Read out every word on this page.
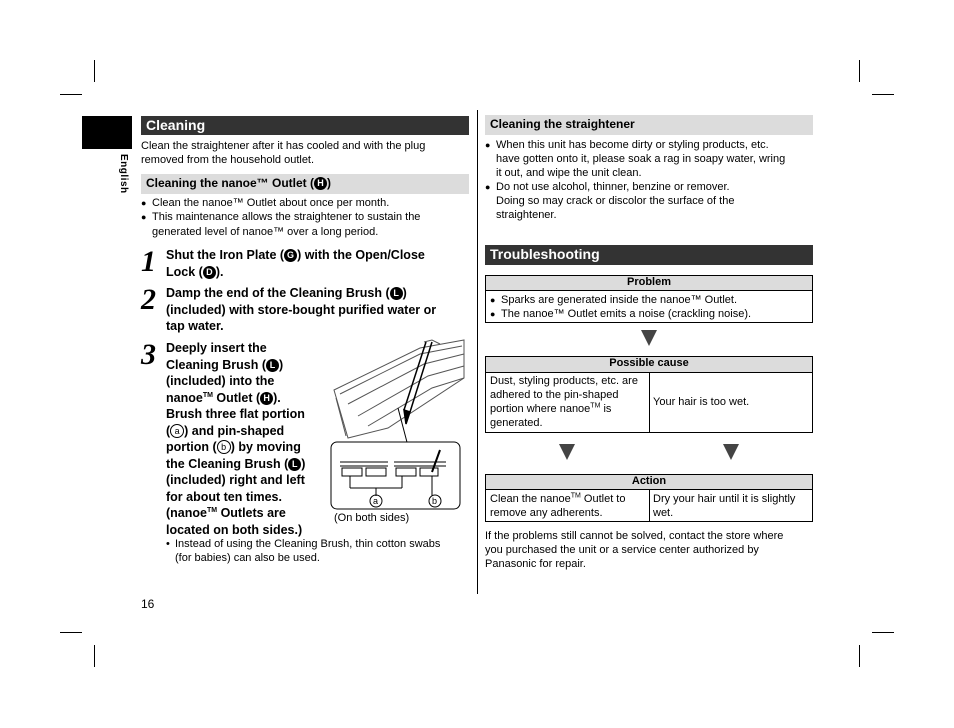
English
Cleaning
Clean the straightener after it has cooled and with the plug
removed from the household outlet.
Cleaning the nanoe™ Outlet ( H )
● Clean the nanoe™ Outlet about once per month.
● This maintenance allows the straightener to sustain the
generated level of nanoe™ over a long period.
1 Shut the Iron Plate ( G ) with the Open/Close
Lock ( D ).
2 Damp the end of the Cleaning Brush ( L )
(included) with store-bought purified water or
tap water.
3 Deeply insert the
Cleaning Brush ( L )
(included) into the
nanoe™ Outlet ( H ).
Brush three flat portion
( a ) and pin-shaped
portion ( b ) by moving
the Cleaning Brush ( L )
(included) right and left
for about ten times.
(nanoe™ Outlets are
located on both sides.)
a	b
(On both sides)
• Instead of using the Cleaning Brush, thin cotton swabs
(for babies) can also be used.
16
Cleaning the straightener
● When this unit has become dirty or styling products, etc.
have gotten onto it, please soak a rag in soapy water, wring
it out, and wipe the unit clean.
● Do not use alcohol, thinner, benzine or remover.
Doing so may crack or discolor the surface of the
straightener.
Troubleshooting
Problem
● Sparks are generated inside the nanoe™ Outlet.
● The nanoe™ Outlet emits a noise (crackling noise).
Possible cause
Dust, styling products, etc. are
adhered to the pin-shaped
portion where nanoe™ is
generated.
Your hair is too wet.
Action
Clean the nanoe™ Outlet to
remove any adherents.
Dry your hair until it is slightly
wet.
If the problems still cannot be solved, contact the store where
you purchased the unit or a service center authorized by
Panasonic for repair.
